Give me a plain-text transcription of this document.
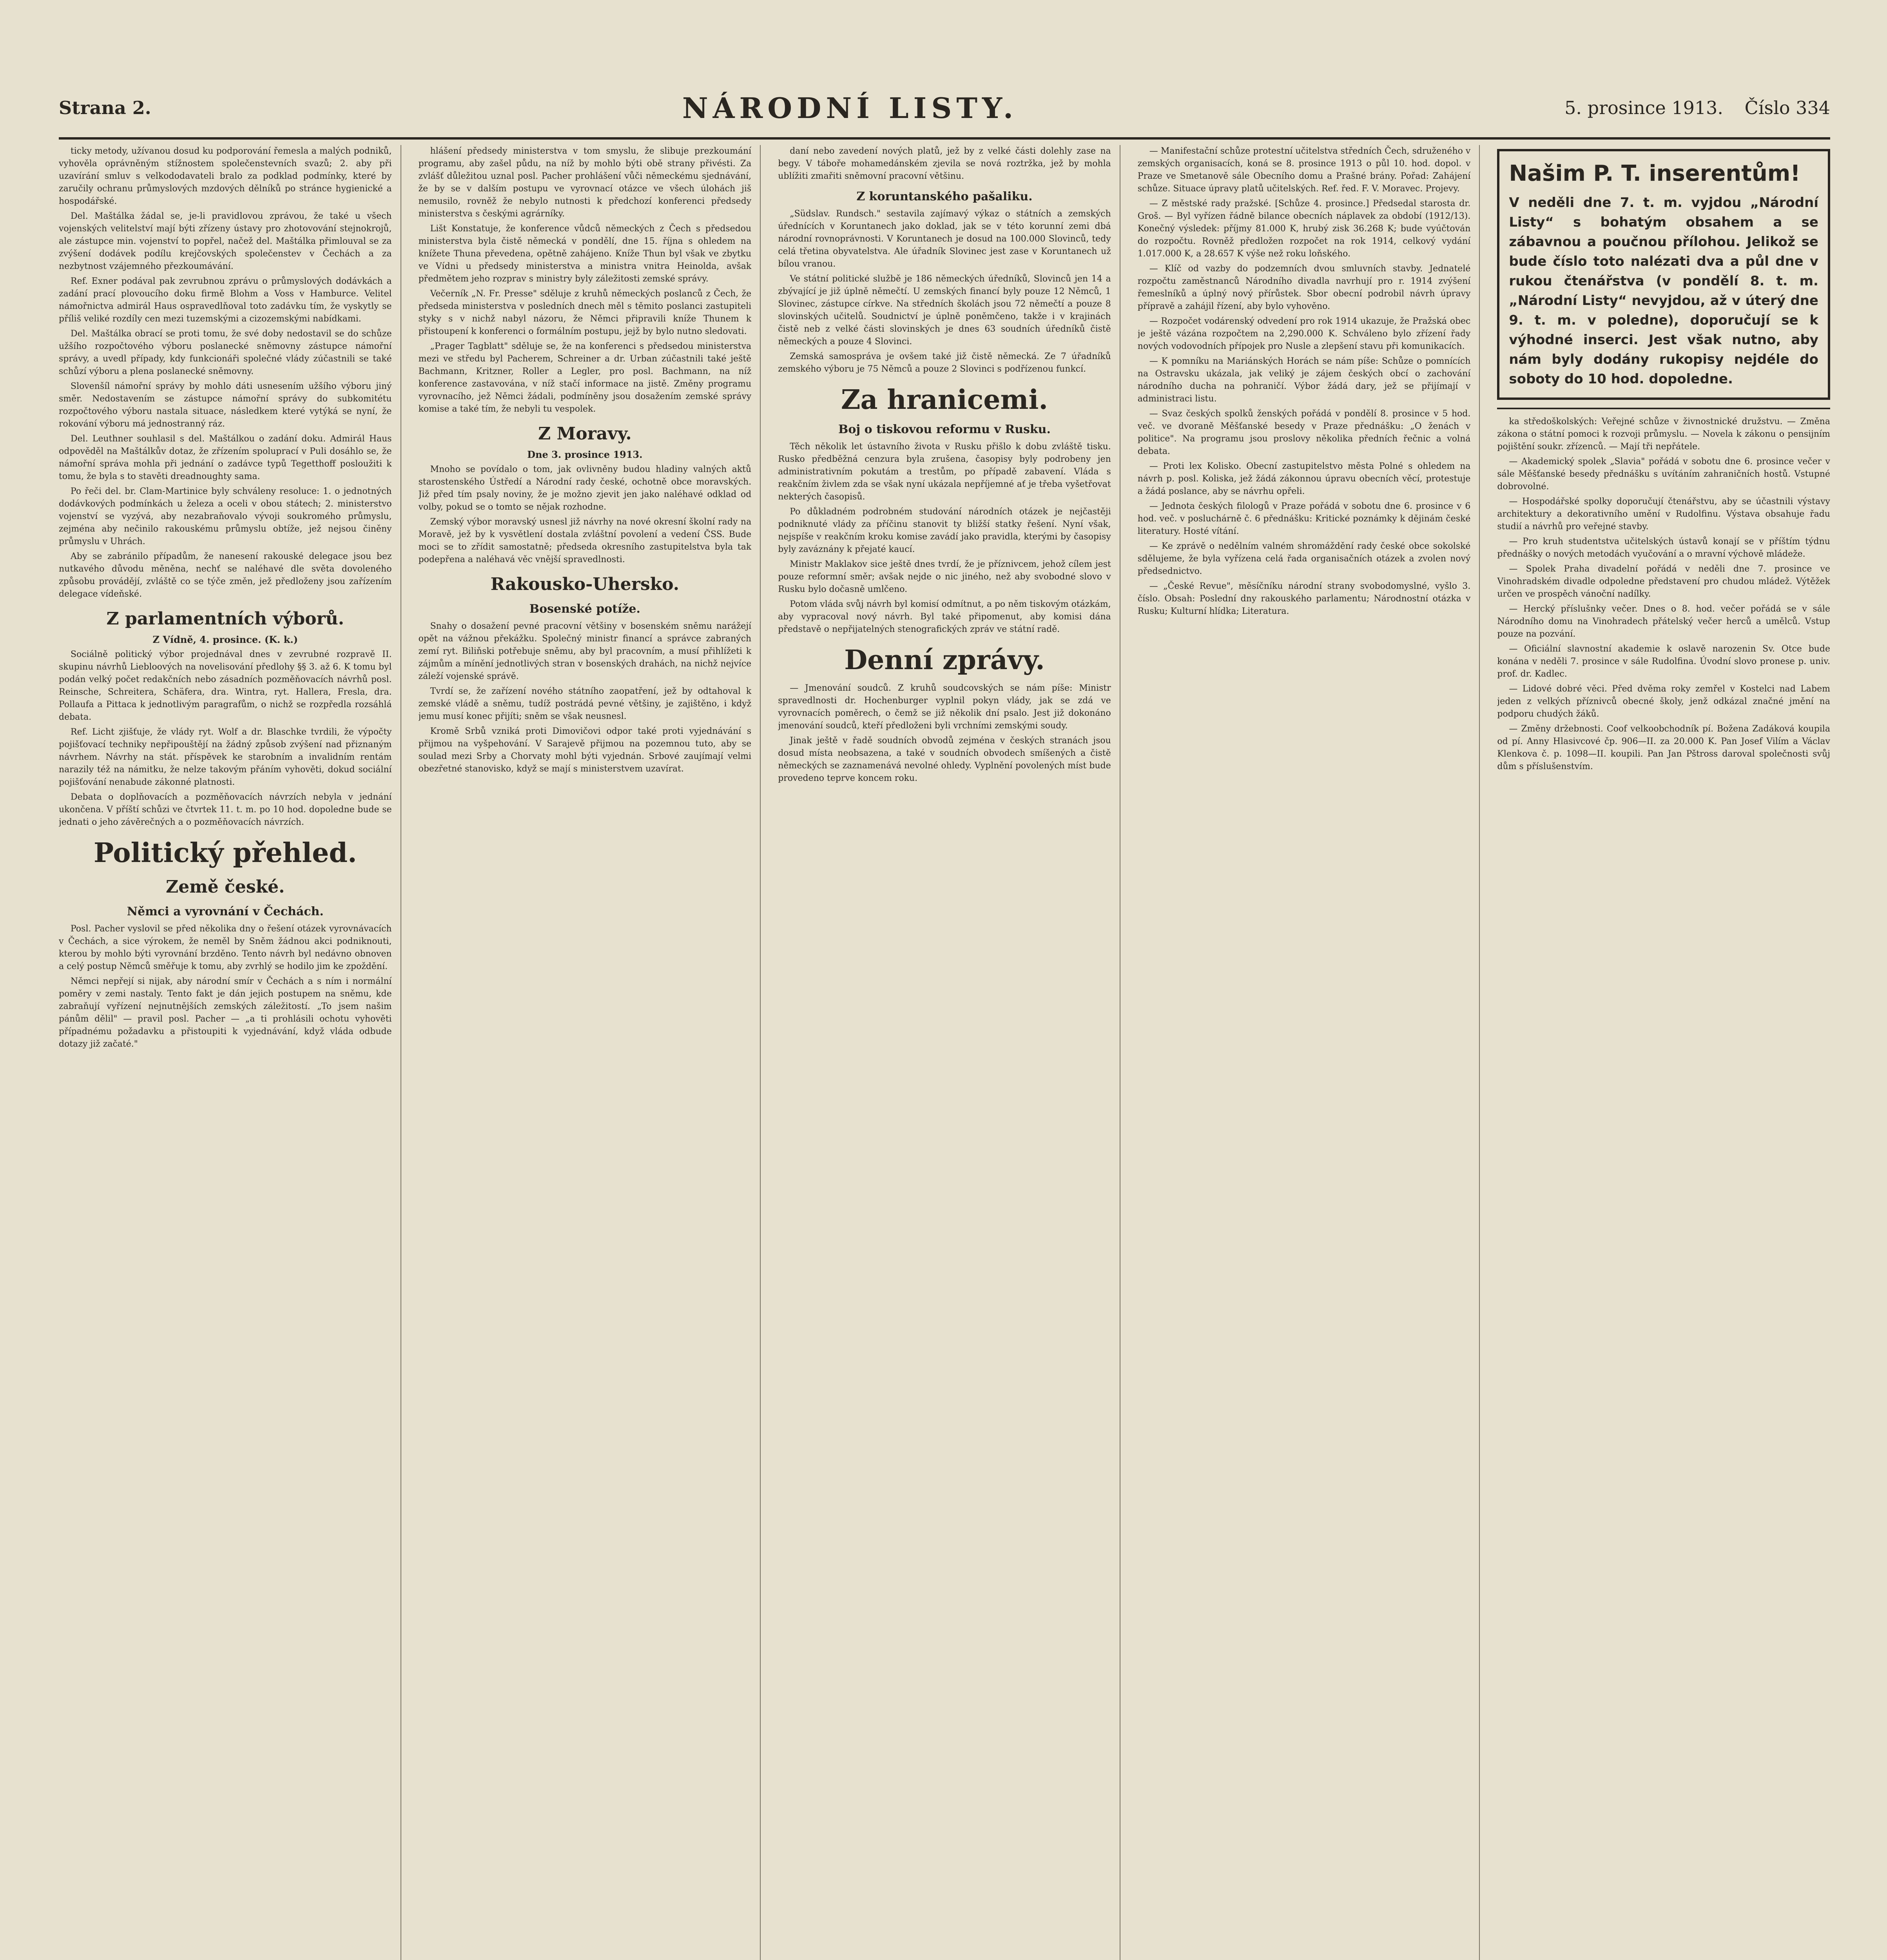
Strana 2.	NÁRODNÍ LISTY.	5. prosince 1913. Číslo 334

ticky metody, užívanou dosud ku podporování řemesla a malých podniků, vyhověla oprávněným stížnostem společenstevních svazů; 2. aby při uzavírání smluv s velkododavateli bralo za podklad podmínky, které by zaručily ochranu průmyslových mzdových dělníků po stránce hygienické a hospodářské.

Del. Maštálka žádal se, je-li pravidlovou zprávou, že také u všech vojenských velitelství mají býti zřízeny ústavy pro zhotovování stejnokrojů, ale zástupce min. vojenství to popřel, načež del. Maštálka přimlouval se za zvýšení dodávek podílu krejčovských společenstev v Čechách a za nezbytnost vzájemného přezkoumávání.

Ref. Exner podával pak zevrubnou zprávu o průmyslových dodávkách a zadání prací plovoucího doku firmě Blohm a Voss v Hamburce. Velitel námořnictva admirál Haus ospravedlňoval toto zadávku tím, že vyskytly se příliš veliké rozdíly cen mezi tuzemskými a cizozemskými nabídkami.

Del. Maštálka obrací se proti tomu, že své doby nedostavil se do schůze užšího rozpočtového výboru poslanecké sněmovny zástupce námořní správy, a uvedl případy, kdy funkcionáři společné vlády zúčastnili se také schůzí výboru a plena poslanecké sněmovny.

Slovenšíl námořní správy by mohlo dáti usnesením užšího výboru jiný směr. Nedostavením se zástupce námořní správy do subkomitétu rozpočtového výboru nastala situace, následkem které vytýká se nyní, že rokování výboru má jednostranný ráz.

Del. Leuthner souhlasil s del. Maštálkou o zadání doku. Admirál Haus odpověděl na Maštálkův dotaz, že zřízením spoluprací v Puli dosáhlo se, že námořní správa mohla při jednání o zadávce typů Tegetthoff posloužiti k tomu, že byla s to stavěti dreadnoughty sama.

Po řeči del. br. Clam-Martinice byly schváleny resoluce: 1. o jednotných dodávkových podmínkách u železa a oceli v obou státech; 2. ministerstvo vojenství se vyzývá, aby nezabraňovalo vývoji soukromého průmyslu, zejména aby nečinilo rakouskému průmyslu obtíže, jež nejsou činěny průmyslu v Uhrách.

Aby se zabránilo případům, že nanesení rakouské delegace jsou bez nutkavého důvodu měněna, nechť se naléhavé dle světa dovoleného způsobu provádějí, zvláště co se týče změn, jež předloženy jsou zařízením delegace vídeňské.

Z parlamentních výborů.
Z Vídně, 4. prosince. (K. k.)

Sociálně politický výbor projednával dnes v zevrubné rozpravě II. skupinu návrhů Liebloových na novelisování předlohy §§ 3. až 6. K tomu byl podán velký počet redakčních nebo zásadních pozměňovacích návrhů posl. Reinsche, Schreitera, Schäfera, dra. Wintra, ryt. Hallera, Fresla, dra. Pollaufa a Pittaca k jednotlivým paragrafům, o nichž se rozpředla rozsáhlá debata.

Ref. Licht zjišťuje, že vlády ryt. Wolf a dr. Blaschke tvrdili, že výpočty pojišťovací techniky nepřipouštějí na žádný způsob zvýšení nad přiznaným návrhem. Návrhy na stát. příspěvek ke starobním a invalidním rentám narazily též na námitku, že nelze takovým přáním vyhověti, dokud sociální pojišťování nenabude zákonné platnosti.

Debata o doplňovacích a pozměňovacích návrzích nebyla v jednání ukončena. V příští schůzi ve čtvrtek 11. t. m. po 10 hod. dopoledne bude se jednati o jeho závěrečných a o pozměňovacích návrzích.

Politický přehled.
Země české.
Němci a vyrovnání v Čechách.

Posl. Pacher vyslovil se před několika dny o řešení otázek vyrovnávacích v Čechách, a sice výrokem, že neměl by Sněm žádnou akci podniknouti, kterou by mohlo býti vyrovnání brzděno. Tento návrh byl nedávno obnoven a celý postup Němců směřuje k tomu, aby zvrhlý se hodilo jim ke zpoždění.

Němci nepřejí si nijak, aby národní smír v Čechách a s ním i normální poměry v zemi nastaly. Tento fakt je dán jejich postupem na sněmu, kde zabraňují vyřízení nejnutnějších zemských záležitostí. „To jsem našim pánům dělil" — pravil posl. Pacher — „a ti prohlásili ochotu vyhověti případnému požadavku a přistoupiti k vyjednávání, když vláda odbude dotazy již začaté."

hlášení předsedy ministerstva v tom smyslu, že slibuje prezkoumání programu, aby zašel půdu, na níž by mohlo býti obě strany přivésti. Za zvlášť důležitou uznal posl. Pacher prohlášení vůči německému sjednávání, že by se v dalším postupu ve vyrovnací otázce ve všech úlohách jiš nemusilo, rovněž že nebylo nutnosti k předchozí konferenci předsedy ministerstva s českými agrárníky.

Lišt Konstatuje, že konference vůdců německých z Čech s předsedou ministerstva byla čistě německá v pondělí, dne 15. října s ohledem na knížete Thuna převedena, opětně zahájeno. Kníže Thun byl však ve zbytku ve Vídni u předsedy ministerstva a ministra vnitra Heinolda, avšak předmětem jeho rozprav s ministry byly záležitosti zemské správy.

Večerník „N. Fr. Presse" sděluje z kruhů německých poslanců z Čech, že předseda ministerstva v posledních dnech měl s těmito poslanci zastupiteli styky s v nichž nabyl názoru, že Němci připravili kníže Thunem k přistoupení k konferenci o formálním postupu, jejž by bylo nutno sledovati.

„Prager Tagblatt" sděluje se, že na konferenci s předsedou ministerstva mezi ve středu byl Pacherem, Schreiner a dr. Urban zúčastnili také ještě Bachmann, Kritzner, Roller a Legler, pro posl. Bachmann, na níž konference zastavována, v níž stačí informace na jistě. Změny programu vyrovnacího, jež Němci žádali, podmíněny jsou dosažením zemské správy komise a také tím, že nebyli tu vespolek.

Z Moravy.
Dne 3. prosince 1913.

Mnoho se povídalo o tom, jak ovlivněny budou hladiny valných aktů starostenského Ústředí a Národní rady české, ochotně obce moravských. Již před tím psaly noviny, že je možno zjevit jen jako naléhavé odklad od volby, pokud se o tomto se nějak rozhodne.

Zemský výbor moravský usnesl již návrhy na nové okresní školní rady na Moravě, jež by k vysvětlení dostala zvláštní povolení a vedení ČSS. Bude moci se to zřídit samostatně; předseda okresního zastupitelstva byla tak podepřena a naléhavá věc vnější spravedlnosti.

Rakousko-Uhersko.
Bosenské potíže.

Snahy o dosažení pevné pracovní většiny v bosenském sněmu narážejí opět na vážnou překážku. Společný ministr financí a správce zabraných zemí ryt. Biliňski potřebuje sněmu, aby byl pracovním, a musí přihlížeti k zájmům a mínění jednotlivých stran v bosenských drahách, na nichž nejvíce záleží vojenské správě.

Tvrdí se, že zařízení nového státního zaopatření, jež by odtahoval k zemské vládě a sněmu, tudíž postrádá pevné většiny, je zajištěno, i když jemu musí konec přijíti; sněm se však neusnesl.

Kromě Srbů vzniká proti Dimovičovi odpor také proti vyjednávání s přijmou na vyšpehování. V Sarajevě přijmou na pozemnou tuto, aby se soulad mezi Srby a Chorvaty mohl býti vyjednán. Srbové zaujímají velmi obezřetné stanovisko, když se mají s ministerstvem uzavírat.

daní nebo zavedení nových platů, jež by z velké části dolehly zase na begy. V táboře mohamedánském zjevila se nová roztržka, jež by mohla ublížiti zmařiti sněmovní pracovní většinu.

Z koruntanského pašaliku.

„Südslav. Rundsch." sestavila zajímavý výkaz o státních a zemských úřednících v Koruntanech jako doklad, jak se v této korunní zemi dbá národní rovnoprávnosti. V Koruntanech je dosud na 100.000 Slovinců, tedy celá třetina obyvatelstva. Ale úřadník Slovinec jest zase v Koruntanech už bílou vranou.

Ve státní politické službě je 186 německých úředníků, Slovinců jen 14 a zbývající je již úplně němečtí. U zemských financí byly pouze 12 Němců, 1 Slovinec, zástupce církve. Na středních školách jsou 72 němečtí a pouze 8 slovinských učitelů. Soudnictví je úplně poněmčeno, takže i v krajinách čistě neb z velké části slovinských je dnes 63 soudních úředníků čistě německých a pouze 4 Slovinci.

Zemská samospráva je ovšem také již čistě německá. Ze 7 úřadníků zemského výboru je 75 Němců a pouze 2 Slovinci s podřízenou funkcí.

Za hranicemi.
Boj o tiskovou reformu v Rusku.

Těch několik let ústavního života v Rusku přišlo k dobu zvláště tisku. Rusko předběžná cenzura byla zrušena, časopisy byly podrobeny jen administrativním pokutám a trestům, po případě zabavení. Vláda s reakčním živlem zda se však nyní ukázala nepříjemné ať je třeba vyšetřovat nekterých časopisů.

Po důkladném podrobném studování národních otázek je nejčastěji podniknuté vlády za příčinu stanovit ty bližší statky řešení. Nyní však, nejspíše v reakčním kroku komise zavádí jako pravidla, kterými by časopisy byly zaváznány k přejaté kaucí.

Ministr Maklakov sice ještě dnes tvrdí, že je příznivcem, jehož cílem jest pouze reformní směr; avšak nejde o nic jiného, než aby svobodné slovo v Rusku bylo dočasně umlčeno.

Potom vláda svůj návrh byl komisí odmítnut, a po něm tiskovým otázkám, aby vypracoval nový návrh. Byl také připomenut, aby komisi dána představě o nepřijatelných stenografických zpráv ve státní radě.

Denní zprávy.

— Jmenování soudců. Z kruhů soudcovských se nám píše: Ministr spravedlnosti dr. Hochenburger vyplnil pokyn vlády, jak se zdá ve vyrovnacích poměrech, o čemž se již několik dní psalo. Jest již dokonáno jmenování soudců, kteří předloženi byli vrchními zemskými soudy.

Jinak ještě v řadě soudních obvodů zejména v českých stranách jsou dosud místa neobsazena, a také v soudních obvodech smíšených a čistě německých se zaznamenává nevolné ohledy. Vyplnění povolených míst bude provedeno teprve koncem roku.

— Manifestační schůze protestní učitelstva středních Čech, sdruženého v zemských organisacích, koná se 8. prosince 1913 o půl 10. hod. dopol. v Praze ve Smetanově sále Obecního domu a Prašné brány. Pořad: Zahájení schůze. Situace úpravy platů učitelských. Ref. řed. F. V. Moravec. Projevy.

— Z městské rady pražské. [Schůze 4. prosince.] Předsedal starosta dr. Groš. — Byl vyřízen řádně bilance obecních náplavek za období (1912/13). Konečný výsledek: příjmy 81.000 K, hrubý zisk 36.268 K; bude vyúčtován do rozpočtu. Rovněž předložen rozpočet na rok 1914, celkový vydání 1.017.000 K, a 28.657 K výše než roku loňského.

— Klíč od vazby do podzemních dvou smluvních stavby. Jednatelé rozpočtu zaměstnanců Národního divadla navrhují pro r. 1914 zvýšení řemeslníků a úplný nový přírůstek. Sbor obecní podrobil návrh úpravy přípravě a zahájil řízení, aby bylo vyhověno.

— Rozpočet vodárenský odvedení pro rok 1914 ukazuje, že Pražská obec je ještě vázána rozpočtem na 2,290.000 K. Schváleno bylo zřízení řady nových vodovodních přípojek pro Nusle a zlepšení stavu při komunikacích.

— K pomníku na Mariánských Horách se nám píše: Schůze o pomnících na Ostravsku ukázala, jak veliký je zájem českých obcí o zachování národního ducha na pohraničí. Výbor žádá dary, jež se přijímají v administraci listu.

— Svaz českých spolků ženských pořádá v pondělí 8. prosince v 5 hod. več. ve dvoraně Měšťanské besedy v Praze přednášku: „O ženách v politice". Na programu jsou proslovy několika předních řečnic a volná debata.

— Proti lex Kolisko. Obecní zastupitelstvo města Polné s ohledem na návrh p. posl. Koliska, jež žádá zákonnou úpravu obecních věcí, protestuje a žádá poslance, aby se návrhu opřeli.

— Jednota českých filologů v Praze pořádá v sobotu dne 6. prosince v 6 hod. več. v posluchárně č. 6 přednášku: Kritické poznámky k dějinám české literatury. Hosté vítání.

— Ke zprávě o nedělním valném shromáždění rady české obce sokolské sdělujeme, že byla vyřízena celá řada organisačních otázek a zvolen nový předsednictvo.

— „České Revue", měsíčníku národní strany svobodomyslné, vyšlo 3. číslo. Obsah: Poslední dny rakouského parlamentu; Národnostní otázka v Rusku; Kulturní hlídka; Literatura.

Našim P. T. inserentům!
V neděli dne 7. t. m. vyjdou „Národní Listy“ s bohatým obsahem a se zábavnou a poučnou přílohou. Jelikož se bude číslo toto nalézati dva a půl dne v rukou čtenářstva (v pondělí 8. t. m. „Národní Listy“ nevyjdou, až v úterý dne 9. t. m. v poledne), doporučují se k výhodné inserci. Jest však nutno, aby nám byly dodány rukopisy nejdéle do soboty do 10 hod. dopoledne.

ka středoškolských: Veřejné schůze v živnostnické družstvu. — Změna zákona o státní pomoci k rozvoji průmyslu. — Novela k zákonu o pensijním pojištění soukr. zřízenců. — Mají tři nepřátele.

— Akademický spolek „Slavia" pořádá v sobotu dne 6. prosince večer v sále Měšťanské besedy přednášku s uvítáním zahraničních hostů. Vstupné dobrovolné.

— Hospodářské spolky doporučují čtenářstvu, aby se účastnili výstavy architektury a dekorativního umění v Rudolfinu. Výstava obsahuje řadu studií a návrhů pro veřejné stavby.

— Pro kruh studentstva učitelských ústavů konají se v příštím týdnu přednášky o nových metodách vyučování a o mravní výchově mládeže.

— Spolek Praha divadelní pořádá v neděli dne 7. prosince ve Vinohradském divadle odpoledne představení pro chudou mládež. Výtěžek určen ve prospěch vánoční nadílky.

— Hercký příslušnky večer. Dnes o 8. hod. večer pořádá se v sále Národního domu na Vinohradech přátelský večer herců a umělců. Vstup pouze na pozvání.

— Oficiální slavnostní akademie k oslavě narozenin Sv. Otce bude konána v neděli 7. prosince v sále Rudolfina. Úvodní slovo pronese p. univ. prof. dr. Kadlec.

— Lidové dobré věci. Před dvěma roky zemřel v Kostelci nad Labem jeden z velkých příznivců obecné školy, jenž odkázal značné jmění na podporu chudých žáků.

— Změny držebnosti. Coof velkoobchodník pí. Božena Zadáková koupila od pí. Anny Hlasivcové čp. 906—II. za 20.000 K. Pan Josef Vilím a Václav Klenkova č. p. 1098—II. koupili. Pan Jan Pštross daroval společnosti svůj dům s příslušenstvím.
